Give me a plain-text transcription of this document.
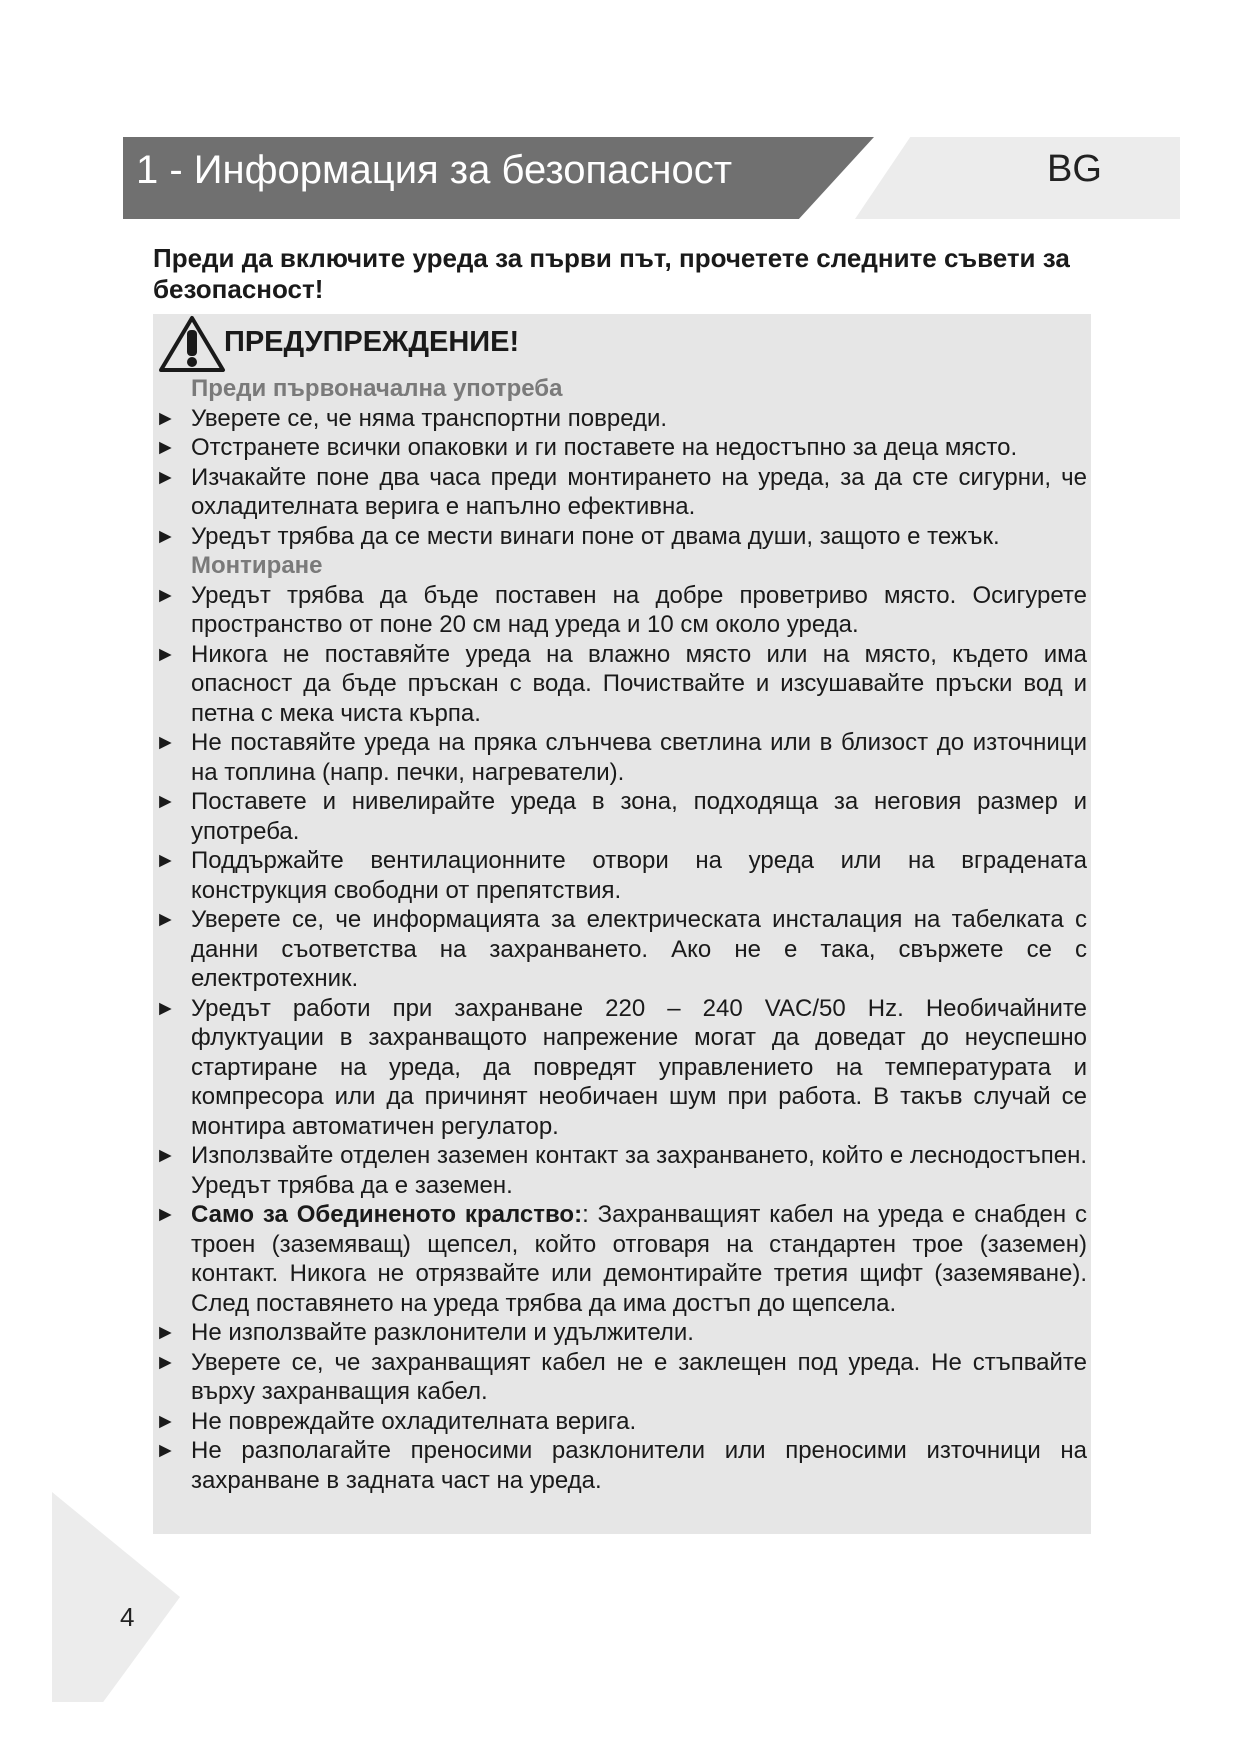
1 - Информация за безопасност	BG
Преди да включите уреда за първи път, прочетете следните съвети за безопасност!
ПРЕДУПРЕЖДЕНИЕ!
Преди първоначална употреба
► Уверете се, че няма транспортни повреди.
► Отстранете всички опаковки и ги поставете на недостъпно за деца място.
► Изчакайте поне два часа преди монтирането на уреда, за да сте сигурни, че охладителната верига е напълно ефективна.
► Уредът трябва да се мести винаги поне от двама души, защото е тежък.
Монтиране
► Уредът трябва да бъде поставен на добре проветриво място. Осигурете пространство от поне 20 см над уреда и 10 см около уреда.
► Никога не поставяйте уреда на влажно място или на място, където има опасност да бъде пръскан с вода. Почиствайте и изсушавайте пръски вод и петна с мека чиста кърпа.
► Не поставяйте уреда на пряка слънчева светлина или в близост до източници на топлина (напр. печки, нагреватели).
► Поставете и нивелирайте уреда в зона, подходяща за неговия размер и употреба.
► Поддържайте вентилационните отвори на уреда или на вградената конструкция свободни от препятствия.
► Уверете се, че информацията за електрическата инсталация на табелката с данни съответства на захранването. Ако не е така, свържете се с електротехник.
► Уредът работи при захранване 220 – 240 VAC/50 Hz. Необичайните флуктуации в захранващото напрежение могат да доведат до неуспешно стартиране на уреда, да повредят управлението на температурата и компресора или да причинят необичаен шум при работа. В такъв случай се монтира автоматичен регулатор.
► Използвайте отделен заземен контакт за захранването, който е леснодостъпен. Уредът трябва да е заземен.
► Само за Обединеното кралство:: Захранващият кабел на уреда е снабден с троен (заземяващ) щепсел, който отговаря на стандартен трое (заземен) контакт. Никога не отрязвайте или демонтирайте третия щифт (заземяване). След поставянето на уреда трябва да има достъп до щепсела.
► Не използвайте разклонители и удължители.
► Уверете се, че захранващият кабел не е заклещен под уреда. Не стъпвайте върху захранващия кабел.
► Не повреждайте охладителната верига.
► Не разполагайте преносими разклонители или преносими източници на захранване в задната част на уреда.
4
